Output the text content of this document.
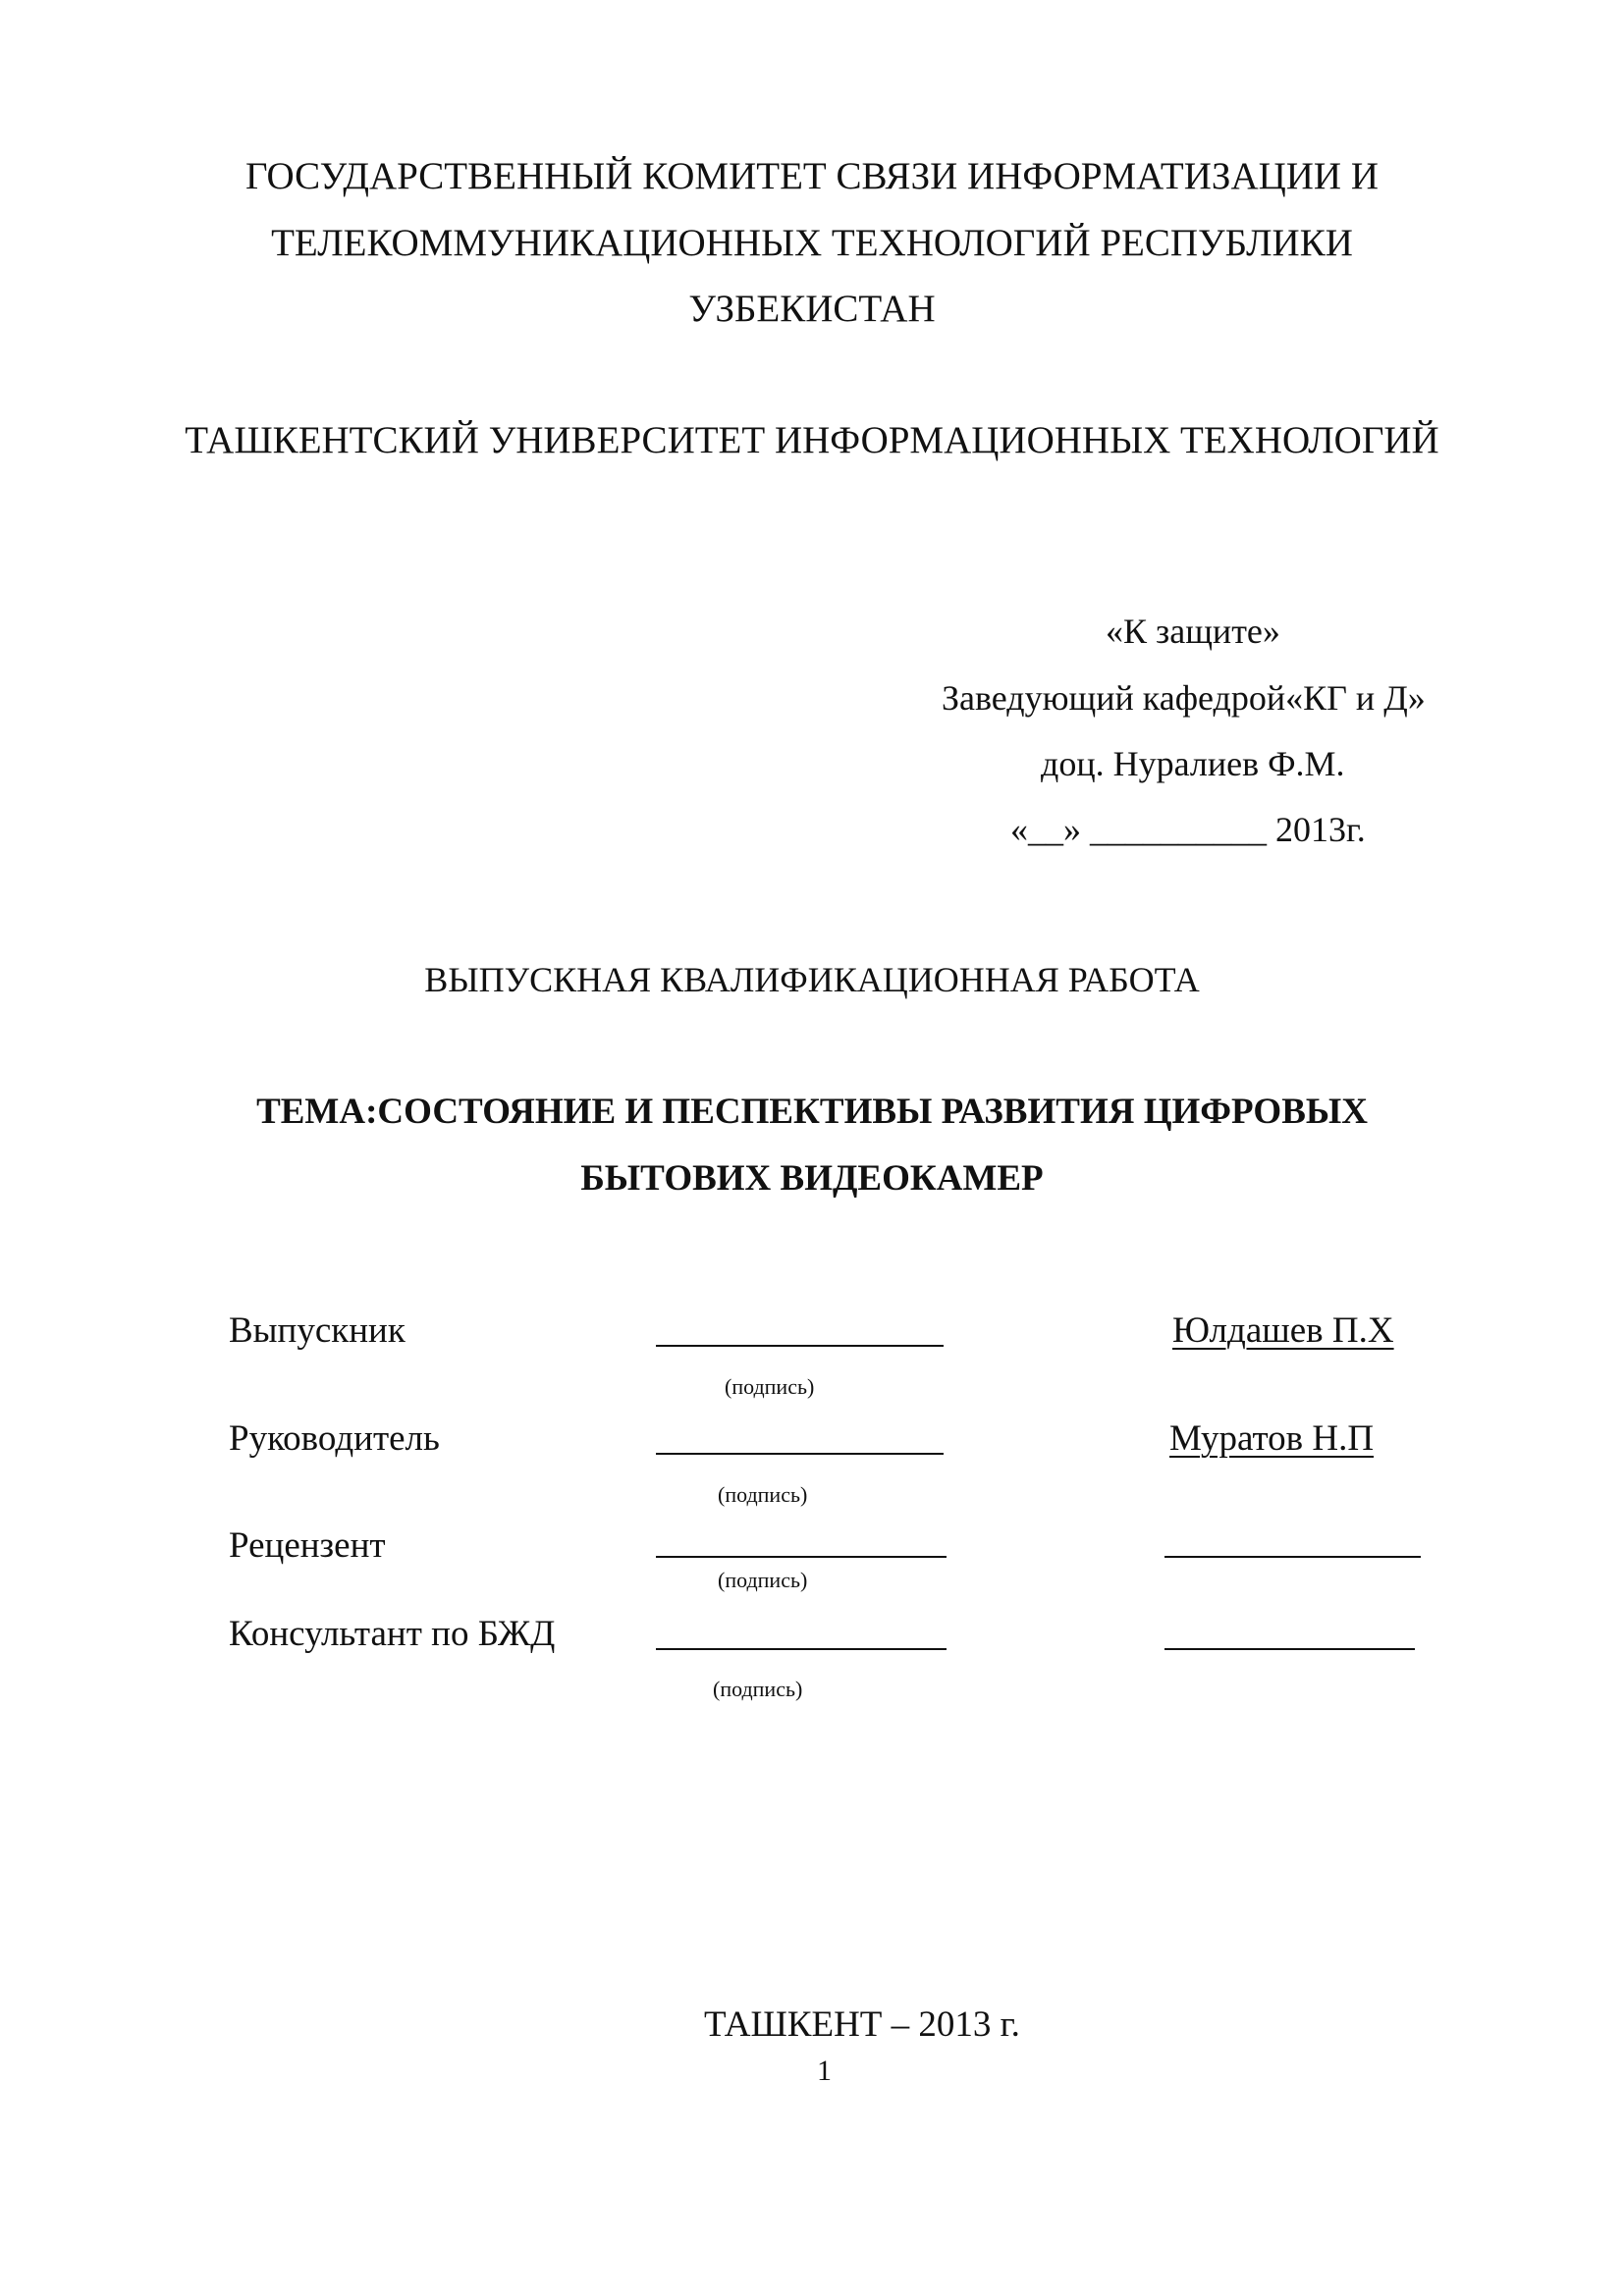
ГОСУДАРСТВЕННЫЙ КОМИТЕТ СВЯЗИ ИНФОРМАТИЗАЦИИ И
ТЕЛЕКОММУНИКАЦИОННЫХ ТЕХНОЛОГИЙ РЕСПУБЛИКИ
УЗБЕКИСТАН
ТАШКЕНТСКИЙ УНИВЕРСИТЕТ ИНФОРМАЦИОННЫХ ТЕХНОЛОГИЙ
«К защите»
Заведующий кафедрой«КГ и Д»
доц. Нуралиев Ф.М.
«__» __________ 2013г.
ВЫПУСКНАЯ КВАЛИФИКАЦИОННАЯ РАБОТА
ТЕМА:СОСТОЯНИЕ И ПЕСПЕКТИВЫ РАЗВИТИЯ ЦИФРОВЫХ
БЫТОВИХ ВИДЕОКАМЕР
Выпускник
(подпись)
Юлдашев П.Х
Руководитель
(подпись)
Муратов Н.П
Рецензент
(подпись)
Консультант по БЖД
(подпись)
ТАШКЕНТ – 2013 г.
1
